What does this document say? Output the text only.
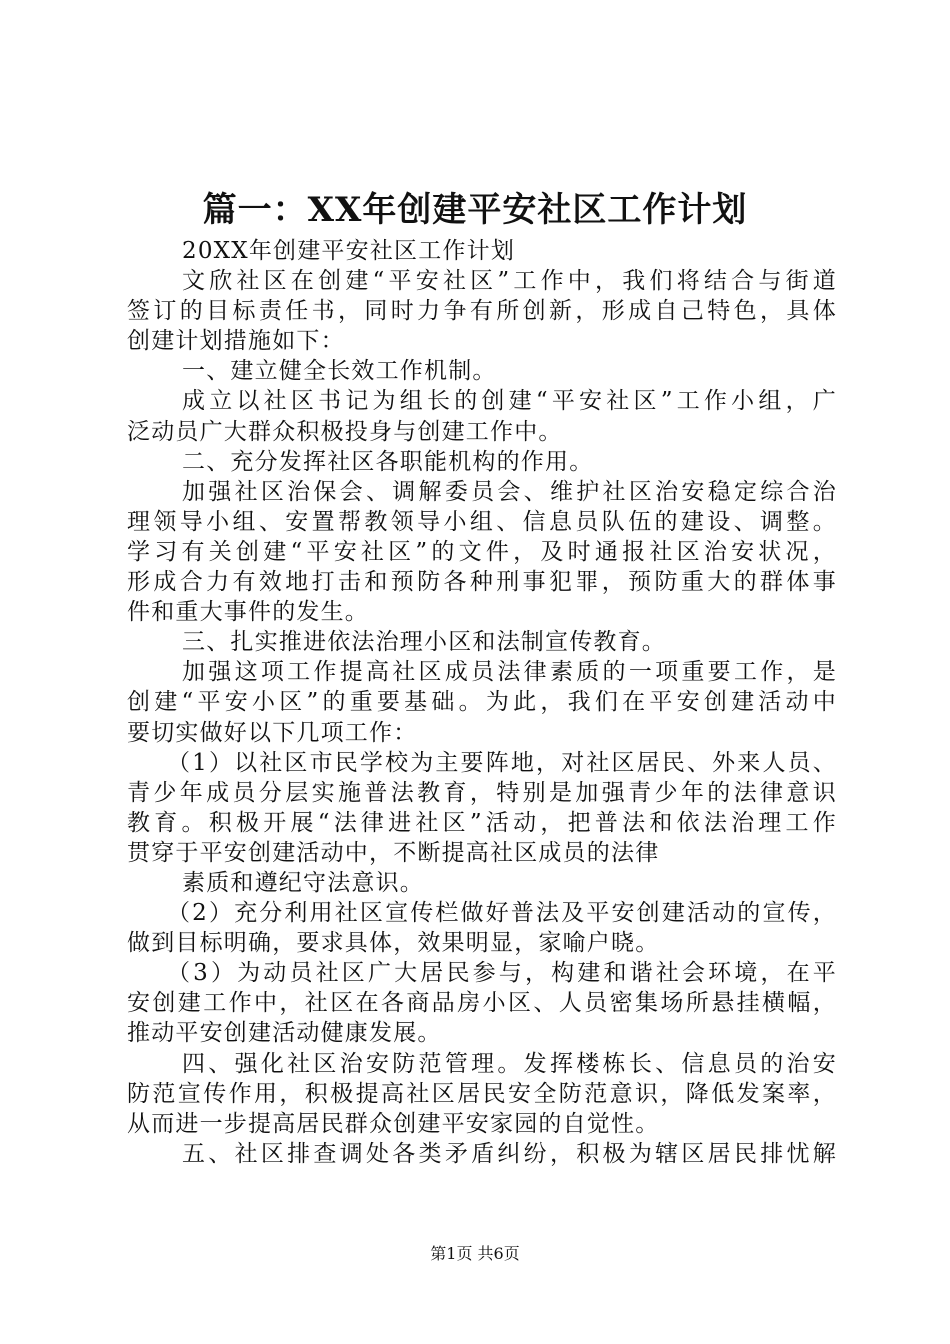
篇一：XX年创建平安社区工作计划
20XX年创建平安社区工作计划
文欣社区在创建“平安社区”工作中，我们将结合与街道
签订的目标责任书，同时力争有所创新，形成自己特色，具体
创建计划措施如下：
一、建立健全长效工作机制。
成立以社区书记为组长的创建“平安社区”工作小组，广
泛动员广大群众积极投身与创建工作中。
二、充分发挥社区各职能机构的作用。
加强社区治保会、调解委员会、维护社区治安稳定综合治
理领导小组、安置帮教领导小组、信息员队伍的建设、调整。
学习有关创建“平安社区”的文件，及时通报社区治安状况，
形成合力有效地打击和预防各种刑事犯罪，预防重大的群体事
件和重大事件的发生。
三、扎实推进依法治理小区和法制宣传教育。
加强这项工作提高社区成员法律素质的一项重要工作，是
创建“平安小区”的重要基础。为此，我们在平安创建活动中
要切实做好以下几项工作：
（1）以社区市民学校为主要阵地，对社区居民、外来人员、
青少年成员分层实施普法教育，特别是加强青少年的法律意识
教育。积极开展“法律进社区”活动，把普法和依法治理工作
贯穿于平安创建活动中，不断提高社区成员的法律
素质和遵纪守法意识。
（2）充分利用社区宣传栏做好普法及平安创建活动的宣传，
做到目标明确，要求具体，效果明显，家喻户晓。
（3）为动员社区广大居民参与，构建和谐社会环境，在平
安创建工作中，社区在各商品房小区、人员密集场所悬挂横幅，
推动平安创建活动健康发展。
四、强化社区治安防范管理。发挥楼栋长、信息员的治安
防范宣传作用，积极提高社区居民安全防范意识，降低发案率，
从而进一步提高居民群众创建平安家园的自觉性。
五、社区排查调处各类矛盾纠纷，积极为辖区居民排忧解
第1页 共6页
